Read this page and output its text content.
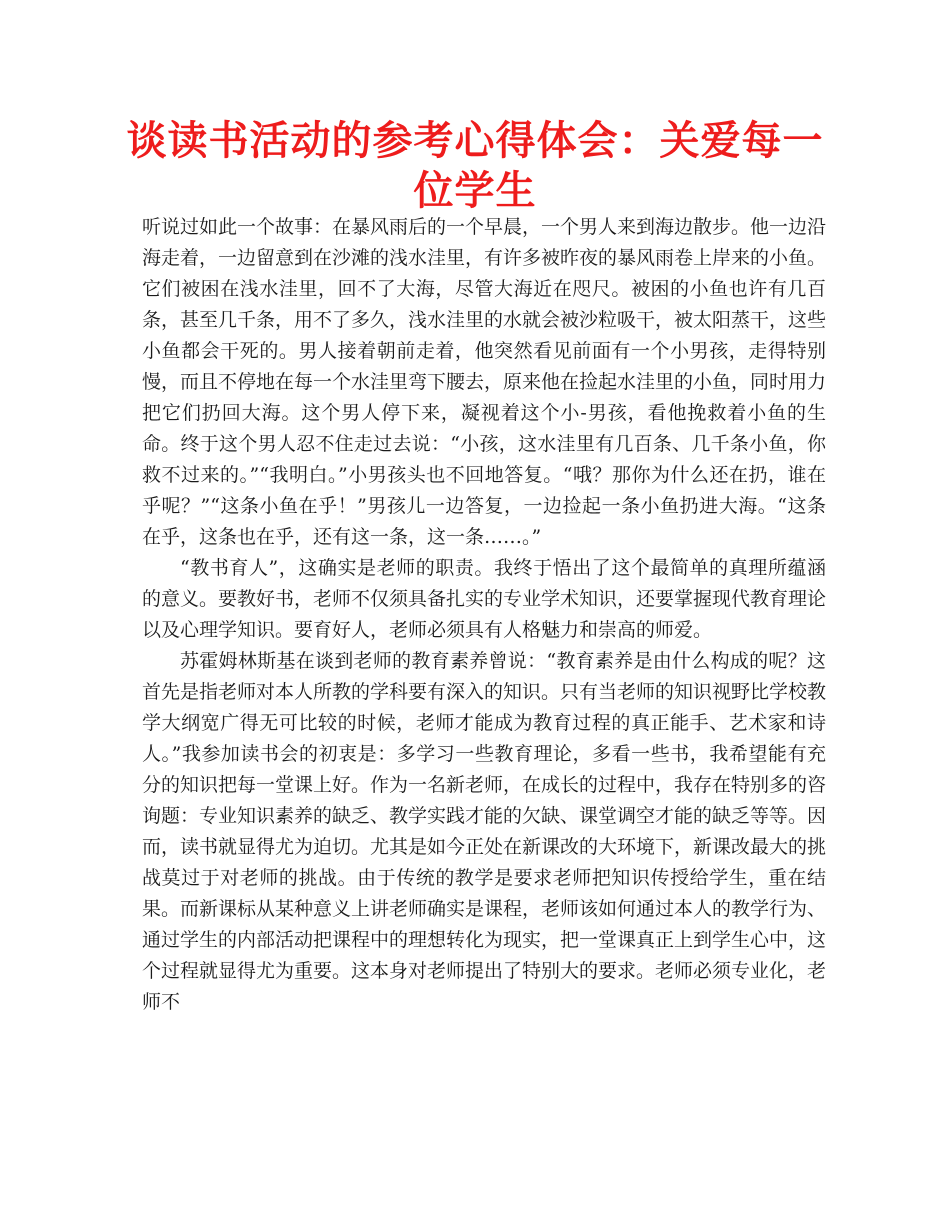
谈读书活动的参考心得体会：关爱每一位学生

听说过如此一个故事：在暴风雨后的一个早晨，一个男人来到海边散步。他一边沿海走着，一边留意到在沙滩的浅水洼里，有许多被昨夜的暴风雨卷上岸来的小鱼。它们被困在浅水洼里，回不了大海，尽管大海近在咫尺。被困的小鱼也许有几百条，甚至几千条，用不了多久，浅水洼里的水就会被沙粒吸干，被太阳蒸干，这些小鱼都会干死的。男人接着朝前走着，他突然看见前面有一个小男孩，走得特别慢，而且不停地在每一个水洼里弯下腰去，原来他在捡起水洼里的小鱼，同时用力把它们扔回大海。这个男人停下来，凝视着这个小-男孩，看他挽救着小鱼的生命。终于这个男人忍不住走过去说：“小孩，这水洼里有几百条、几千条小鱼，你救不过来的。”“我明白。”小男孩头也不回地答复。“哦？那你为什么还在扔，谁在乎呢？”“这条小鱼在乎！”男孩儿一边答复，一边捡起一条小鱼扔进大海。“这条在乎，这条也在乎，还有这一条，这一条……。”

“教书育人”，这确实是老师的职责。我终于悟出了这个最简单的真理所蕴涵的意义。要教好书，老师不仅须具备扎实的专业学术知识，还要掌握现代教育理论以及心理学知识。要育好人，老师必须具有人格魅力和崇高的师爱。

苏霍姆林斯基在谈到老师的教育素养曾说：“教育素养是由什么构成的呢？这首先是指老师对本人所教的学科要有深入的知识。只有当老师的知识视野比学校教学大纲宽广得无可比较的时候，老师才能成为教育过程的真正能手、艺术家和诗人。”我参加读书会的初衷是：多学习一些教育理论，多看一些书，我希望能有充分的知识把每一堂课上好。作为一名新老师，在成长的过程中，我存在特别多的咨询题：专业知识素养的缺乏、教学实践才能的欠缺、课堂调空才能的缺乏等等。因而，读书就显得尤为迫切。尤其是如今正处在新课改的大环境下，新课改最大的挑战莫过于对老师的挑战。由于传统的教学是要求老师把知识传授给学生，重在结果。而新课标从某种意义上讲老师确实是课程，老师该如何通过本人的教学行为、通过学生的内部活动把课程中的理想转化为现实，把一堂课真正上到学生心中，这个过程就显得尤为重要。这本身对老师提出了特别大的要求。老师必须专业化，老师不
